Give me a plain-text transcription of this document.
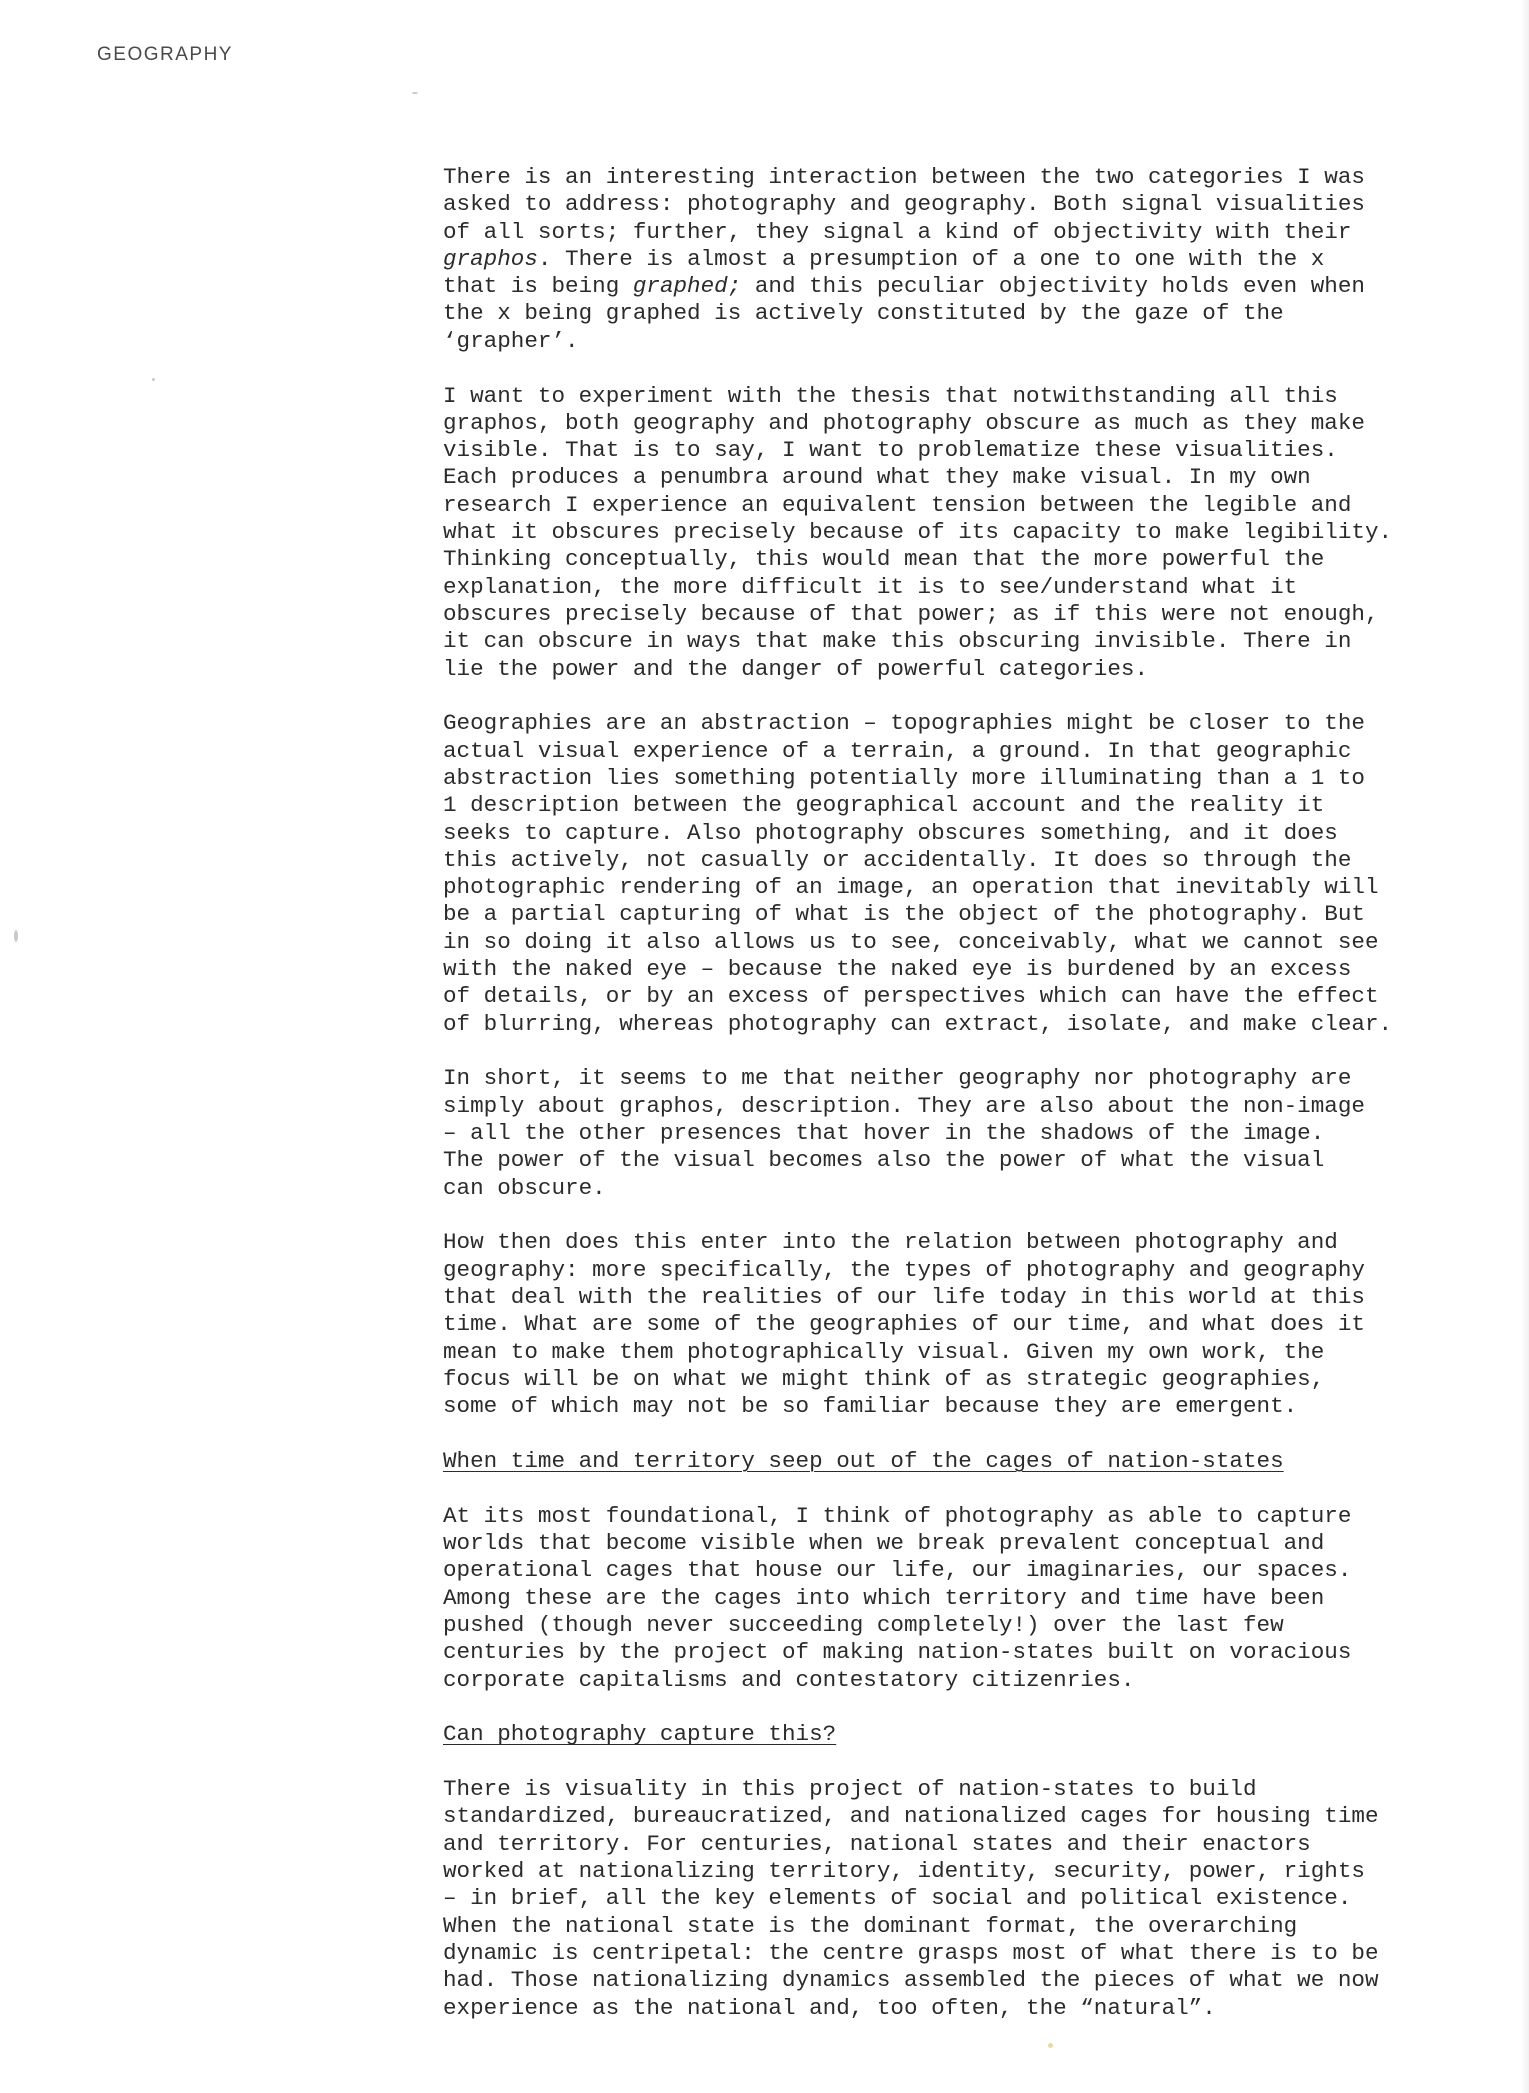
GEOGRAPHY

There is an interesting interaction between the two categories I was
asked to address: photography and geography. Both signal visualities
of all sorts; further, they signal a kind of objectivity with their
graphos. There is almost a presumption of a one to one with the x
that is being graphed; and this peculiar objectivity holds even when
the x being graphed is actively constituted by the gaze of the
‘grapher’.

I want to experiment with the thesis that notwithstanding all this
graphos, both geography and photography obscure as much as they make
visible. That is to say, I want to problematize these visualities.
Each produces a penumbra around what they make visual. In my own
research I experience an equivalent tension between the legible and
what it obscures precisely because of its capacity to make legibility.
Thinking conceptually, this would mean that the more powerful the
explanation, the more difficult it is to see/understand what it
obscures precisely because of that power; as if this were not enough,
it can obscure in ways that make this obscuring invisible. There in
lie the power and the danger of powerful categories.

Geographies are an abstraction – topographies might be closer to the
actual visual experience of a terrain, a ground. In that geographic
abstraction lies something potentially more illuminating than a 1 to
1 description between the geographical account and the reality it
seeks to capture. Also photography obscures something, and it does
this actively, not casually or accidentally. It does so through the
photographic rendering of an image, an operation that inevitably will
be a partial capturing of what is the object of the photography. But
in so doing it also allows us to see, conceivably, what we cannot see
with the naked eye – because the naked eye is burdened by an excess
of details, or by an excess of perspectives which can have the effect
of blurring, whereas photography can extract, isolate, and make clear.

In short, it seems to me that neither geography nor photography are
simply about graphos, description. They are also about the non-image
– all the other presences that hover in the shadows of the image.
The power of the visual becomes also the power of what the visual
can obscure.

How then does this enter into the relation between photography and
geography: more specifically, the types of photography and geography
that deal with the realities of our life today in this world at this
time. What are some of the geographies of our time, and what does it
mean to make them photographically visual. Given my own work, the
focus will be on what we might think of as strategic geographies,
some of which may not be so familiar because they are emergent.

When time and territory seep out of the cages of nation-states

At its most foundational, I think of photography as able to capture
worlds that become visible when we break prevalent conceptual and
operational cages that house our life, our imaginaries, our spaces.
Among these are the cages into which territory and time have been
pushed (though never succeeding completely!) over the last few
centuries by the project of making nation-states built on voracious
corporate capitalisms and contestatory citizenries.

Can photography capture this?

There is visuality in this project of nation-states to build
standardized, bureaucratized, and nationalized cages for housing time
and territory. For centuries, national states and their enactors
worked at nationalizing territory, identity, security, power, rights
– in brief, all the key elements of social and political existence.
When the national state is the dominant format, the overarching
dynamic is centripetal: the centre grasps most of what there is to be
had. Those nationalizing dynamics assembled the pieces of what we now
experience as the national and, too often, the “natural”.
